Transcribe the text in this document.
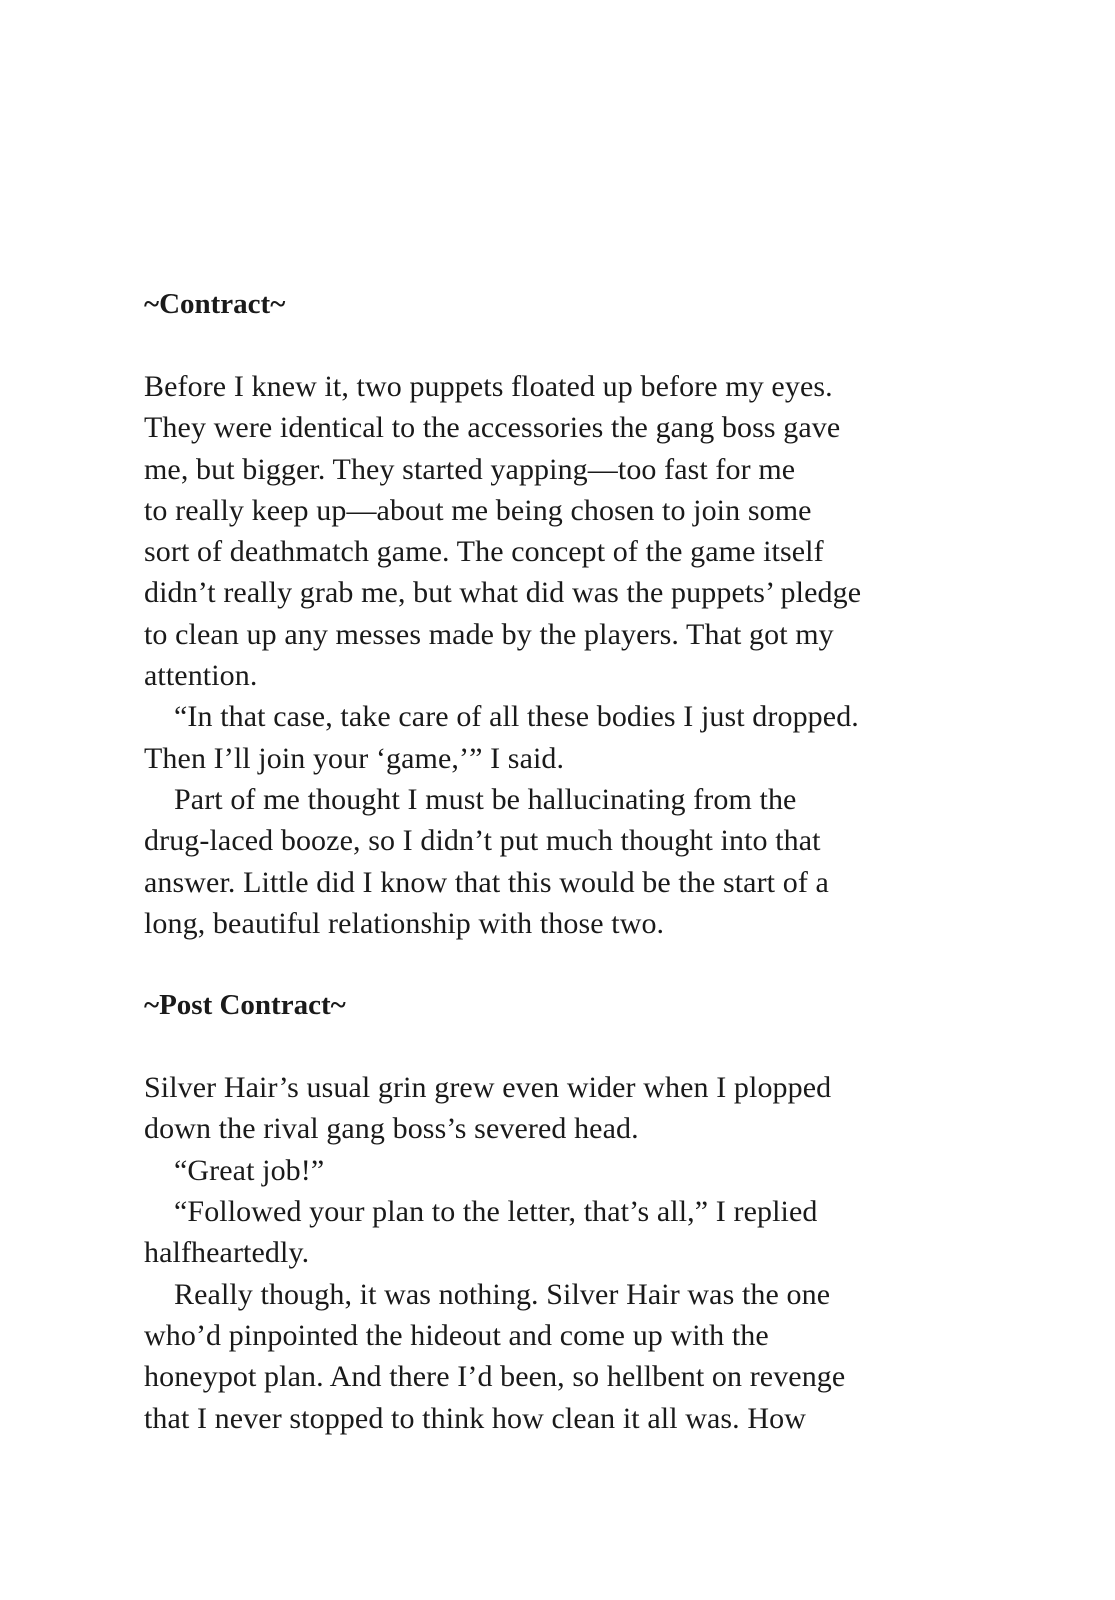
~Contract~

Before I knew it, two puppets floated up before my eyes.
They were identical to the accessories the gang boss gave
me, but bigger. They started yapping—too fast for me
to really keep up—about me being chosen to join some
sort of deathmatch game. The concept of the game itself
didn’t really grab me, but what did was the puppets’ pledge
to clean up any messes made by the players. That got my
attention.

“In that case, take care of all these bodies I just dropped.
Then I’ll join your ‘game,’” I said.

Part of me thought I must be hallucinating from the
drug-laced booze, so I didn’t put much thought into that
answer. Little did I know that this would be the start of a
long, beautiful relationship with those two.

~Post Contract~

Silver Hair’s usual grin grew even wider when I plopped
down the rival gang boss’s severed head.

“Great job!”

“Followed your plan to the letter, that’s all,” I replied
halfheartedly.

Really though, it was nothing. Silver Hair was the one
who’d pinpointed the hideout and come up with the
honeypot plan. And there I’d been, so hellbent on revenge
that I never stopped to think how clean it all was. How
